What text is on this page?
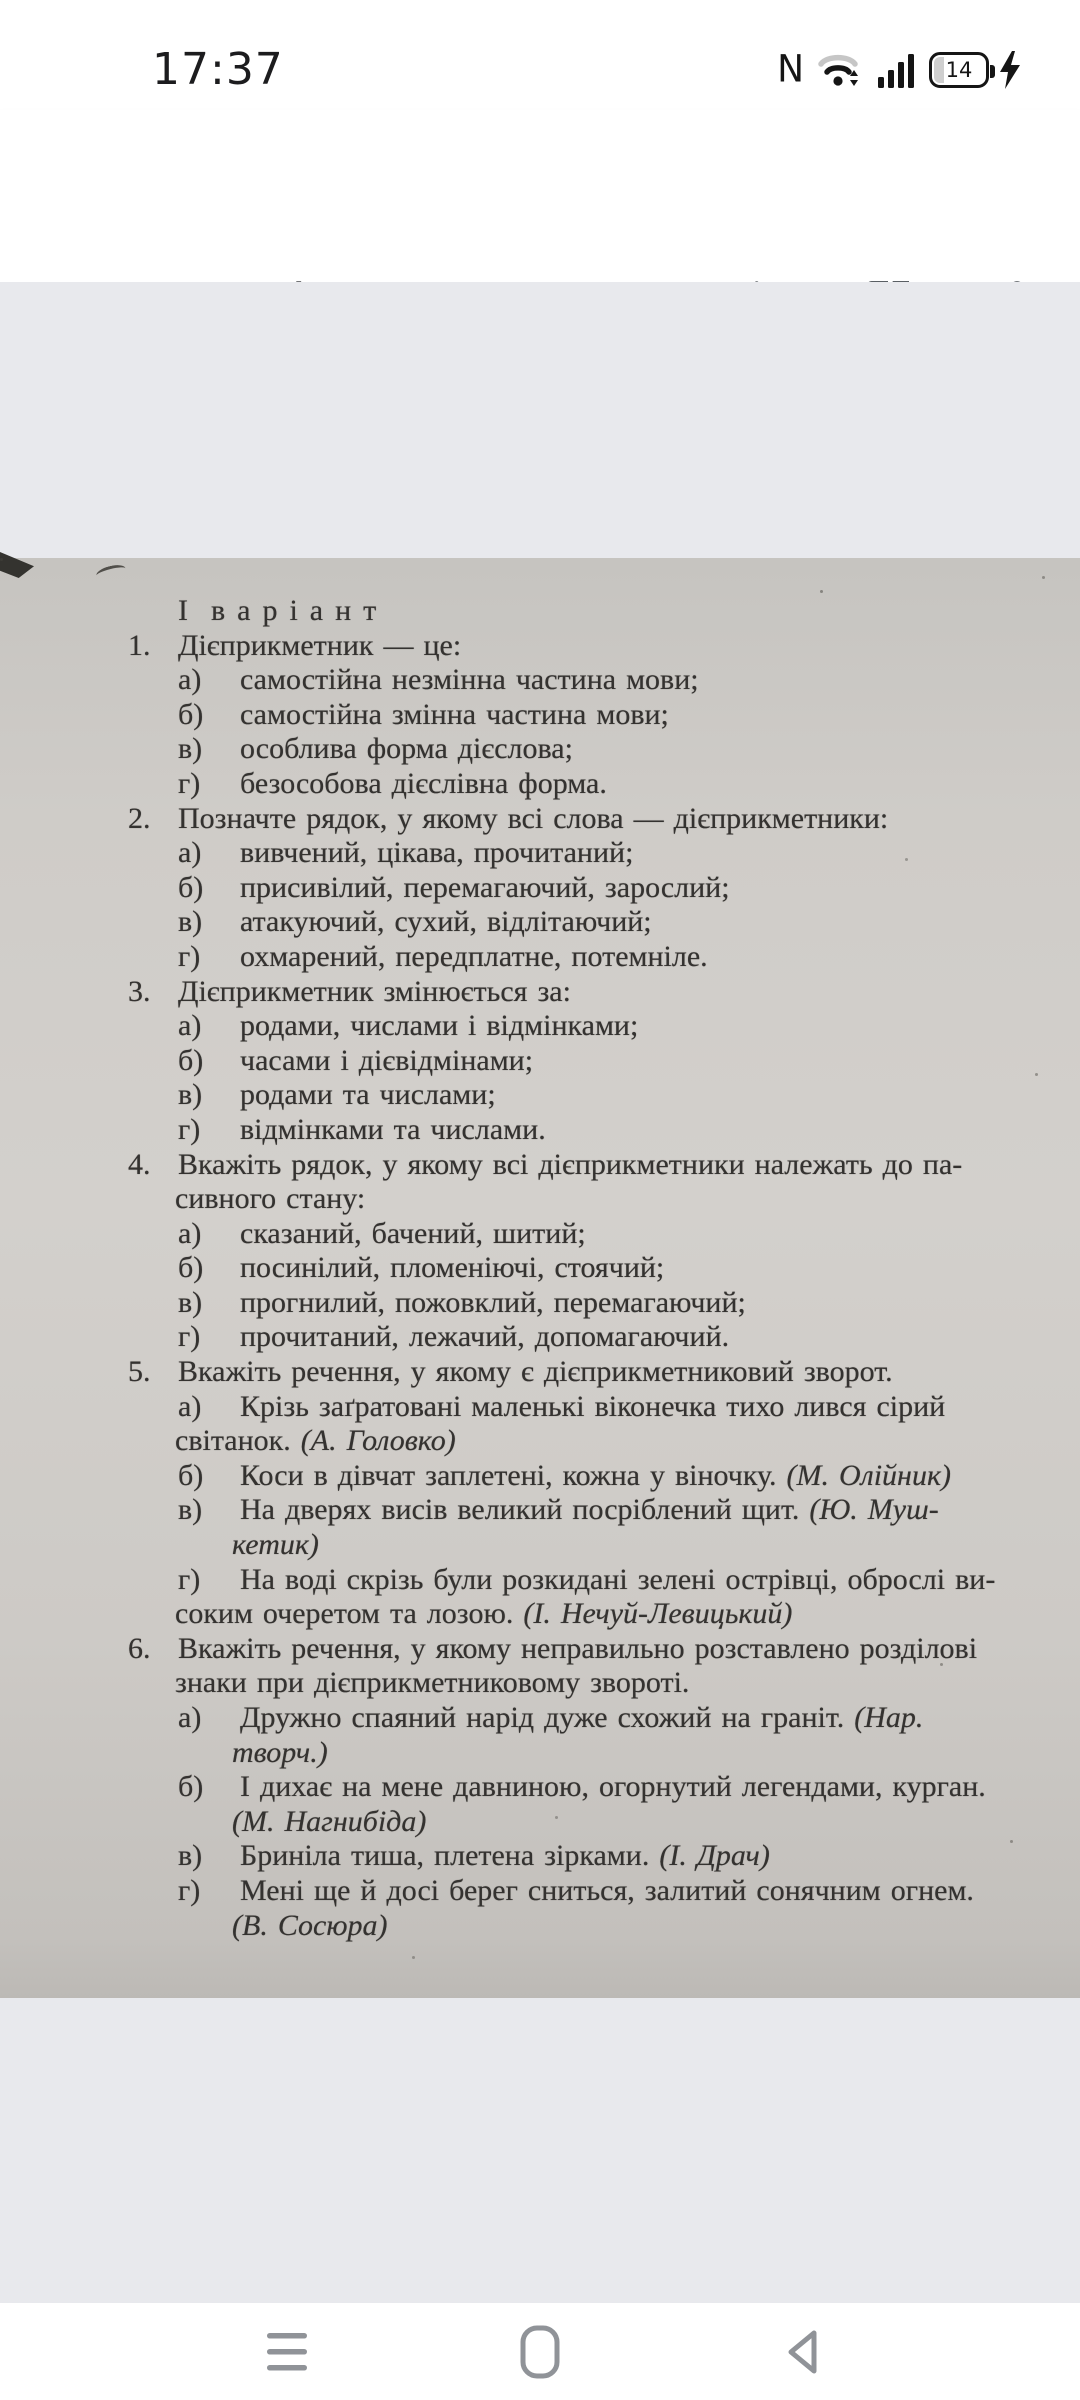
17:37	N	14
І  в а р і а н т
1. Дієприкметник — це:
а) самостійна незмінна частина мови;
б) самостійна змінна частина мови;
в) особлива форма дієслова;
г) безособова дієслівна форма.
2. Позначте рядок, у якому всі слова — дієприкметники:
а) вивчений, цікава, прочитаний;
б) присивілий, перемагаючий, зарослий;
в) атакуючий, сухий, відлітаючий;
г) охмарений, передплатне, потемніле.
3. Дієприкметник змінюється за:
а) родами, числами і відмінками;
б) часами і дієвідмінами;
в) родами та числами;
г) відмінками та числами.
4. Вкажіть рядок, у якому всі дієприкметники належать до па-
сивного стану:
а) сказаний, бачений, шитий;
б) посинілий, пломеніючі, стоячий;
в) прогнилий, пожовклий, перемагаючий;
г) прочитаний, лежачий, допомагаючий.
5. Вкажіть речення, у якому є дієприкметниковий зворот.
а) Крізь заґратовані маленькі віконечка тихо лився сірий
світанок. (А. Головко)
б) Коси в дівчат заплетені, кожна у віночку. (М. Олійник)
в) На дверях висів великий посріблений щит. (Ю. Муш-
кетик)
г) На воді скрізь були розкидані зелені острівці, оброслі ви-
соким очеретом та лозою. (І. Нечуй-Левицький)
6. Вкажіть речення, у якому неправильно розставлено розділові
знаки при дієприкметниковому звороті.
а) Дружно спаяний нарід дуже схожий на граніт. (Нар.
творч.)
б) І дихає на мене давниною, огорнутий легендами, курган.
(М. Нагнибіда)
в) Бриніла тиша, плетена зірками. (І. Драч)
г) Мені ще й досі берег сниться, залитий сонячним огнем.
(В. Сосюра)
